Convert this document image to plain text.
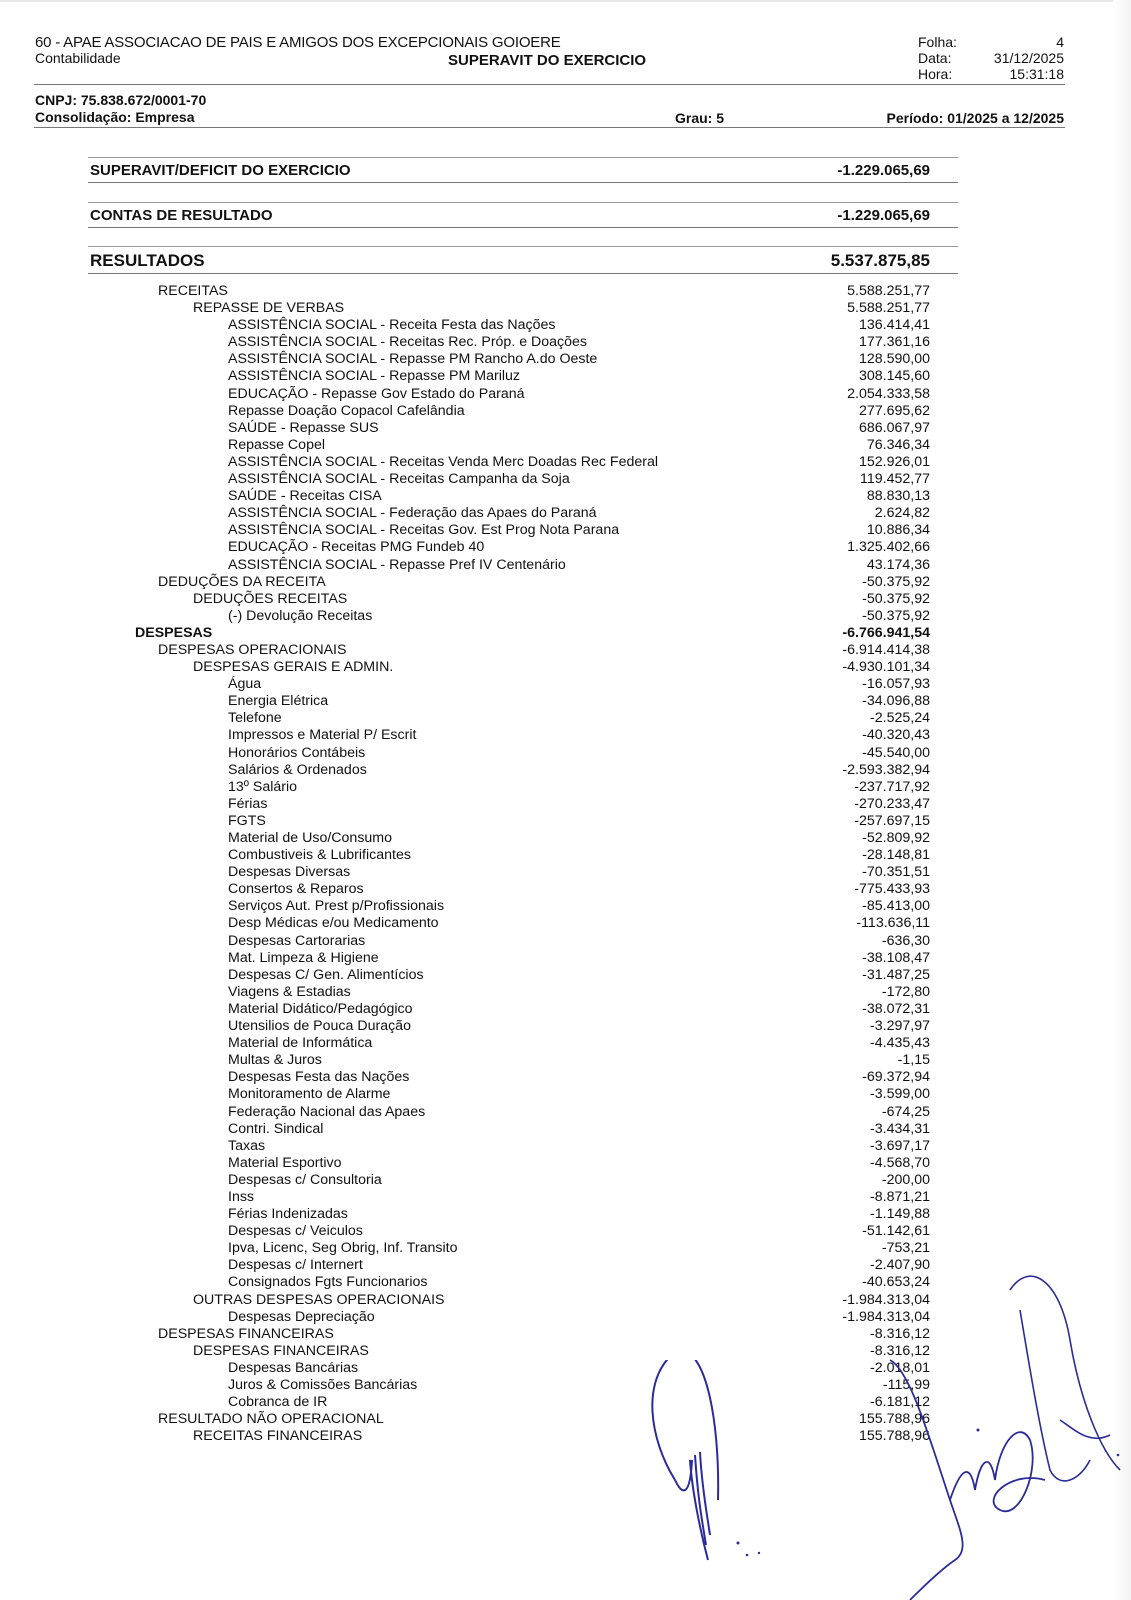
60 - APAE ASSOCIACAO DE PAIS E AMIGOS DOS EXCEPCIONAIS GOIOERE
Contabilidade	SUPERAVIT DO EXERCICIO
Folha:	4
Data:	31/12/2025
Hora:	15:31:18
CNPJ: 75.838.672/0001-70
Consolidação: Empresa	Grau: 5	Período: 01/2025 a 12/2025
SUPERAVIT/DEFICIT DO EXERCICIO	-1.229.065,69
CONTAS DE RESULTADO	-1.229.065,69
RESULTADOS	5.537.875,85
RECEITAS	5.588.251,77
REPASSE DE VERBAS	5.588.251,77
ASSISTÊNCIA SOCIAL - Receita Festa das Nações	136.414,41
ASSISTÊNCIA SOCIAL - Receitas Rec. Próp. e Doações	177.361,16
ASSISTÊNCIA SOCIAL - Repasse PM Rancho A.do Oeste	128.590,00
ASSISTÊNCIA SOCIAL - Repasse PM Mariluz	308.145,60
EDUCAÇÃO - Repasse Gov Estado do Paraná	2.054.333,58
Repasse Doação Copacol Cafelândia	277.695,62
SAÚDE - Repasse SUS	686.067,97
Repasse Copel	76.346,34
ASSISTÊNCIA SOCIAL - Receitas Venda Merc Doadas Rec Federal	152.926,01
ASSISTÊNCIA SOCIAL - Receitas Campanha da Soja	119.452,77
SAÚDE - Receitas CISA	88.830,13
ASSISTÊNCIA SOCIAL - Federação das Apaes do Paraná	2.624,82
ASSISTÊNCIA SOCIAL - Receitas Gov. Est Prog Nota Parana	10.886,34
EDUCAÇÃO - Receitas PMG Fundeb 40	1.325.402,66
ASSISTÊNCIA SOCIAL - Repasse Pref IV Centenário	43.174,36
DEDUÇÕES DA RECEITA	-50.375,92
DEDUÇÕES RECEITAS	-50.375,92
(-) Devolução Receitas	-50.375,92
DESPESAS	-6.766.941,54
DESPESAS OPERACIONAIS	-6.914.414,38
DESPESAS GERAIS E ADMIN.	-4.930.101,34
Água	-16.057,93
Energia Elétrica	-34.096,88
Telefone	-2.525,24
Impressos e Material P/ Escrit	-40.320,43
Honorários Contábeis	-45.540,00
Salários & Ordenados	-2.593.382,94
13º Salário	-237.717,92
Férias	-270.233,47
FGTS	-257.697,15
Material de Uso/Consumo	-52.809,92
Combustiveis & Lubrificantes	-28.148,81
Despesas Diversas	-70.351,51
Consertos & Reparos	-775.433,93
Serviços Aut. Prest p/Profissionais	-85.413,00
Desp Médicas e/ou Medicamento	-113.636,11
Despesas Cartorarias	-636,30
Mat. Limpeza & Higiene	-38.108,47
Despesas C/ Gen. Alimentícios	-31.487,25
Viagens & Estadias	-172,80
Material Didático/Pedagógico	-38.072,31
Utensilios de Pouca Duração	-3.297,97
Material de Informática	-4.435,43
Multas & Juros	-1,15
Despesas Festa das Nações	-69.372,94
Monitoramento de Alarme	-3.599,00
Federação Nacional das Apaes	-674,25
Contri. Sindical	-3.434,31
Taxas	-3.697,17
Material Esportivo	-4.568,70
Despesas c/ Consultoria	-200,00
Inss	-8.871,21
Férias Indenizadas	-1.149,88
Despesas c/ Veiculos	-51.142,61
Ipva, Licenc, Seg Obrig, Inf. Transito	-753,21
Despesas c/ Internert	-2.407,90
Consignados Fgts Funcionarios	-40.653,24
OUTRAS DESPESAS OPERACIONAIS	-1.984.313,04
Despesas Depreciação	-1.984.313,04
DESPESAS FINANCEIRAS	-8.316,12
DESPESAS FINANCEIRAS	-8.316,12
Despesas Bancárias	-2.018,01
Juros & Comissões Bancárias	-115,99
Cobranca de IR	-6.181,12
RESULTADO NÃO OPERACIONAL	155.788,96
RECEITAS FINANCEIRAS	155.788,96
